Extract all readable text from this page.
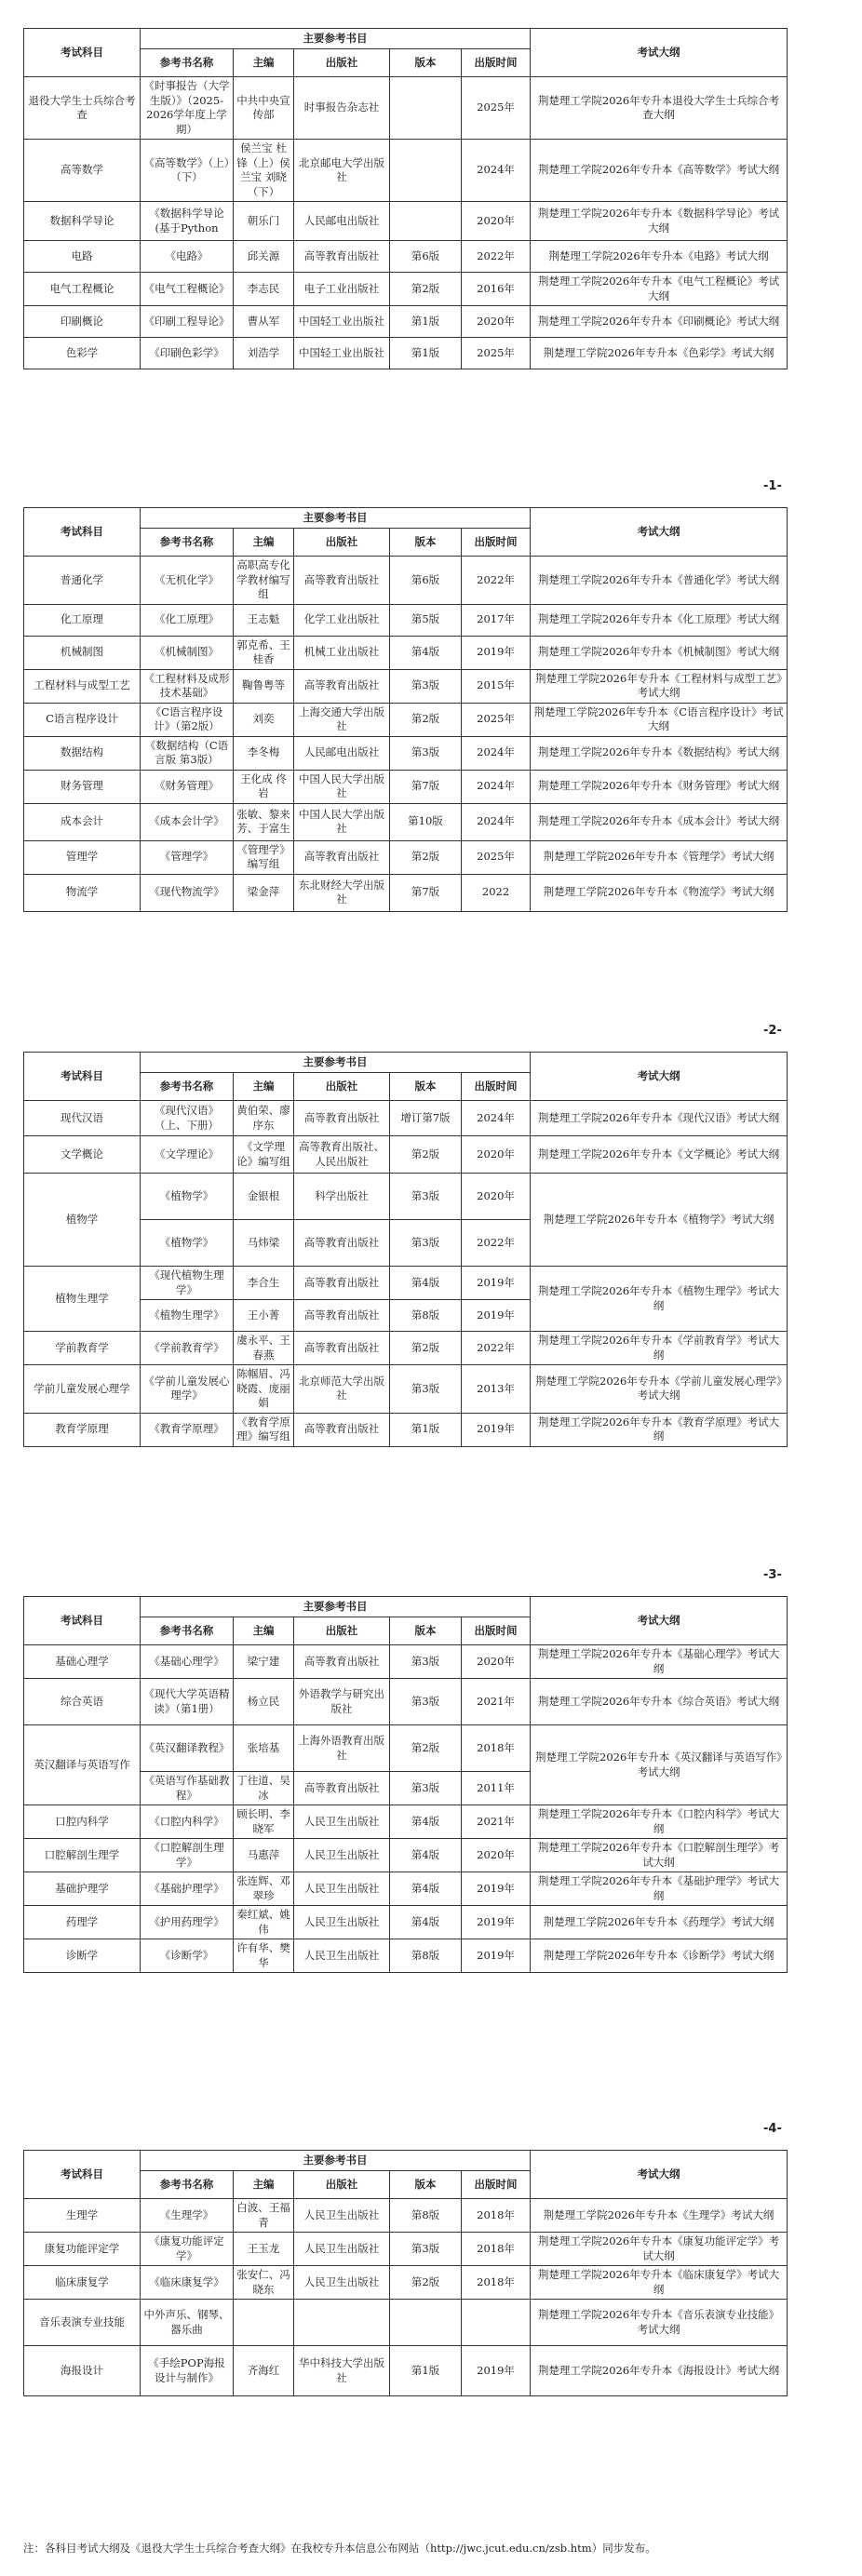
考试科目	主要参考书目					考试大纲
	参考书名称	主编	出版社	版本	出版时间	
退役大学生士兵综合考查	《时事报告（大学生版）》（2025-2026学年度上学期）	中共中央宣传部	时事报告杂志社		2025年	荆楚理工学院2026年专升本退役大学生士兵综合考查大纲
高等数学	《高等数学》（上）（下）	侯兰宝 杜锋（上）侯兰宝 刘晓（下）	北京邮电大学出版社		2024年	荆楚理工学院2026年专升本《高等数学》考试大纲
数据科学导论	《数据科学导论(基于Python	朝乐门	人民邮电出版社		2020年	荆楚理工学院2026年专升本《数据科学导论》考试大纲
电路	《电路》	邱关源	高等教育出版社	第6版	2022年	荆楚理工学院2026年专升本《电路》考试大纲
电气工程概论	《电气工程概论》	李志民	电子工业出版社	第2版	2016年	荆楚理工学院2026年专升本《电气工程概论》考试大纲
印刷概论	《印刷工程导论》	曹从军	中国轻工业出版社	第1版	2020年	荆楚理工学院2026年专升本《印刷概论》考试大纲
色彩学	《印刷色彩学》	刘浩学	中国轻工业出版社	第1版	2025年	荆楚理工学院2026年专升本《色彩学》考试大纲
-1-
考试科目	主要参考书目					考试大纲
	参考书名称	主编	出版社	版本	出版时间	
普通化学	《无机化学》	高职高专化学教材编写组	高等教育出版社	第6版	2022年	荆楚理工学院2026年专升本《普通化学》考试大纲
化工原理	《化工原理》	王志魁	化学工业出版社	第5版	2017年	荆楚理工学院2026年专升本《化工原理》考试大纲
机械制图	《机械制图》	郭克希、王桂香	机械工业出版社	第4版	2019年	荆楚理工学院2026年专升本《机械制图》考试大纲
工程材料与成型工艺	《工程材料及成形技术基础》	鞠鲁粤等	高等教育出版社	第3版	2015年	荆楚理工学院2026年专升本《工程材料与成型工艺》考试大纲
C语言程序设计	《C语言程序设计》（第2版）	刘奕	上海交通大学出版社	第2版	2025年	荆楚理工学院2026年专升本《C语言程序设计》考试大纲
数据结构	《数据结构（C语言版 第3版）	李冬梅	人民邮电出版社	第3版	2024年	荆楚理工学院2026年专升本《数据结构》考试大纲
财务管理	《财务管理》	王化成 佟岩	中国人民大学出版社	第7版	2024年	荆楚理工学院2026年专升本《财务管理》考试大纲
成本会计	《成本会计学》	张敏、黎来芳、于富生	中国人民大学出版社	第10版	2024年	荆楚理工学院2026年专升本《成本会计》考试大纲
管理学	《管理学》	《管理学》编写组	高等教育出版社	第2版	2025年	荆楚理工学院2026年专升本《管理学》考试大纲
物流学	《现代物流学》	梁金萍	东北财经大学出版社	第7版	2022	荆楚理工学院2026年专升本《物流学》考试大纲
-2-
考试科目	主要参考书目					考试大纲
	参考书名称	主编	出版社	版本	出版时间	
现代汉语	《现代汉语》（上、下册）	黄伯荣、廖序东	高等教育出版社	增订第7版	2024年	荆楚理工学院2026年专升本《现代汉语》考试大纲
文学概论	《文学理论》	《文学理论》编写组	高等教育出版社、人民出版社	第2版	2020年	荆楚理工学院2026年专升本《文学概论》考试大纲
植物学	《植物学》	金银根	科学出版社	第3版	2020年	荆楚理工学院2026年专升本《植物学》考试大纲
	《植物学》	马炜梁	高等教育出版社	第3版	2022年	
植物生理学	《现代植物生理学》	李合生	高等教育出版社	第4版	2019年	荆楚理工学院2026年专升本《植物生理学》考试大纲
	《植物生理学》	王小菁	高等教育出版社	第8版	2019年	
学前教育学	《学前教育学》	虞永平、王春燕	高等教育出版社	第2版	2022年	荆楚理工学院2026年专升本《学前教育学》考试大纲
学前儿童发展心理学	《学前儿童发展心理学》	陈帼眉、冯晓霞、庞丽娟	北京师范大学出版社	第3版	2013年	荆楚理工学院2026年专升本《学前儿童发展心理学》考试大纲
教育学原理	《教育学原理》	《教育学原理》编写组	高等教育出版社	第1版	2019年	荆楚理工学院2026年专升本《教育学原理》考试大纲
-3-
考试科目	主要参考书目					考试大纲
	参考书名称	主编	出版社	版本	出版时间	
基础心理学	《基础心理学》	梁宁建	高等教育出版社	第3版	2020年	荆楚理工学院2026年专升本《基础心理学》考试大纲
综合英语	《现代大学英语精读》（第1册）	杨立民	外语教学与研究出版社	第3版	2021年	荆楚理工学院2026年专升本《综合英语》考试大纲
英汉翻译与英语写作	《英汉翻译教程》	张培基	上海外语教育出版社	第2版	2018年	荆楚理工学院2026年专升本《英汉翻译与英语写作》考试大纲
	《英语写作基础教程》	丁往道、吴冰	高等教育出版社	第3版	2011年	
口腔内科学	《口腔内科学》	顾长明、李晓军	人民卫生出版社	第4版	2021年	荆楚理工学院2026年专升本《口腔内科学》考试大纲
口腔解剖生理学	《口腔解剖生理学》	马惠萍	人民卫生出版社	第4版	2020年	荆楚理工学院2026年专升本《口腔解剖生理学》考试大纲
基础护理学	《基础护理学》	张连辉、邓翠珍	人民卫生出版社	第4版	2019年	荆楚理工学院2026年专升本《基础护理学》考试大纲
药理学	《护用药理学》	秦红斌、姚伟	人民卫生出版社	第4版	2019年	荆楚理工学院2026年专升本《药理学》考试大纲
诊断学	《诊断学》	许有华、樊华	人民卫生出版社	第8版	2019年	荆楚理工学院2026年专升本《诊断学》考试大纲
-4-
考试科目	主要参考书目					考试大纲
	参考书名称	主编	出版社	版本	出版时间	
生理学	《生理学》	白波、王福青	人民卫生出版社	第8版	2018年	荆楚理工学院2026年专升本《生理学》考试大纲
康复功能评定学	《康复功能评定学》	王玉龙	人民卫生出版社	第3版	2018年	荆楚理工学院2026年专升本《康复功能评定学》考试大纲
临床康复学	《临床康复学》	张安仁、冯晓东	人民卫生出版社	第2版	2018年	荆楚理工学院2026年专升本《临床康复学》考试大纲
音乐表演专业技能	中外声乐、钢琴、器乐曲					荆楚理工学院2026年专升本《音乐表演专业技能》考试大纲
海报设计	《手绘POP海报设计与制作》	齐海红	华中科技大学出版社	第1版	2019年	荆楚理工学院2026年专升本《海报设计》考试大纲

注：各科目考试大纲及《退役大学生士兵综合考查大纲》在我校专升本信息公布网站（http://jwc.jcut.edu.cn/zsb.htm）同步发布。
